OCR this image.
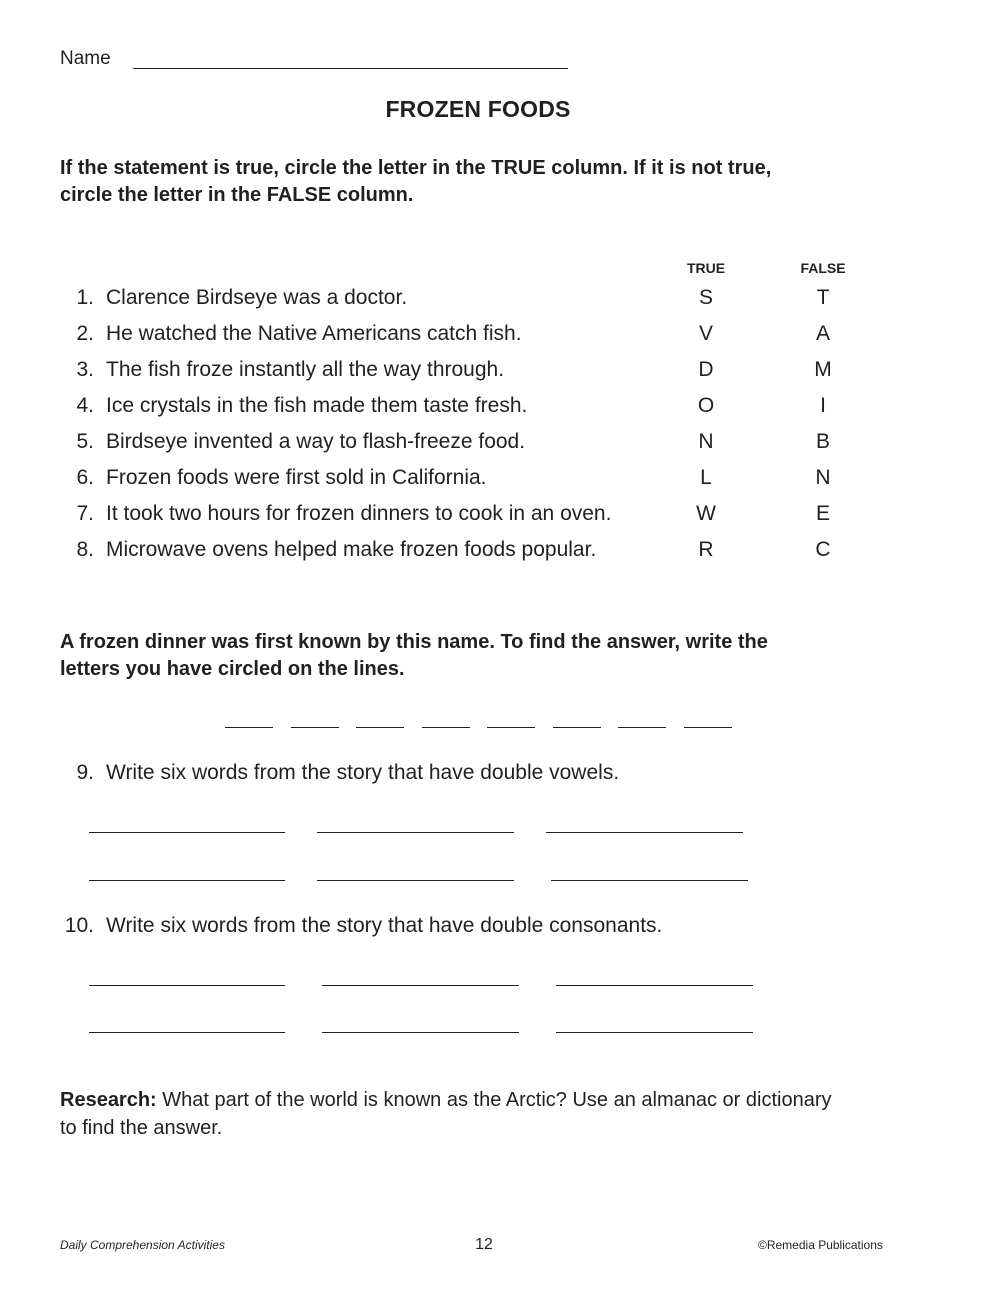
Name
FROZEN FOODS
If the statement is true, circle the letter in the TRUE column. If it is not true,
circle the letter in the FALSE column.
TRUE	FALSE
1. Clarence Birdseye was a doctor.	S	T
2. He watched the Native Americans catch fish.	V	A
3. The fish froze instantly all the way through.	D	M
4. Ice crystals in the fish made them taste fresh.	O	I
5. Birdseye invented a way to flash-freeze food.	N	B
6. Frozen foods were first sold in California.	L	N
7. It took two hours for frozen dinners to cook in an oven.	W	E
8. Microwave ovens helped make frozen foods popular.	R	C
A frozen dinner was first known by this name. To find the answer, write the
letters you have circled on the lines.
9. Write six words from the story that have double vowels.
10. Write six words from the story that have double consonants.
Research: What part of the world is known as the Arctic? Use an almanac or dictionary
to find the answer.
Daily Comprehension Activities	12	©Remedia Publications
